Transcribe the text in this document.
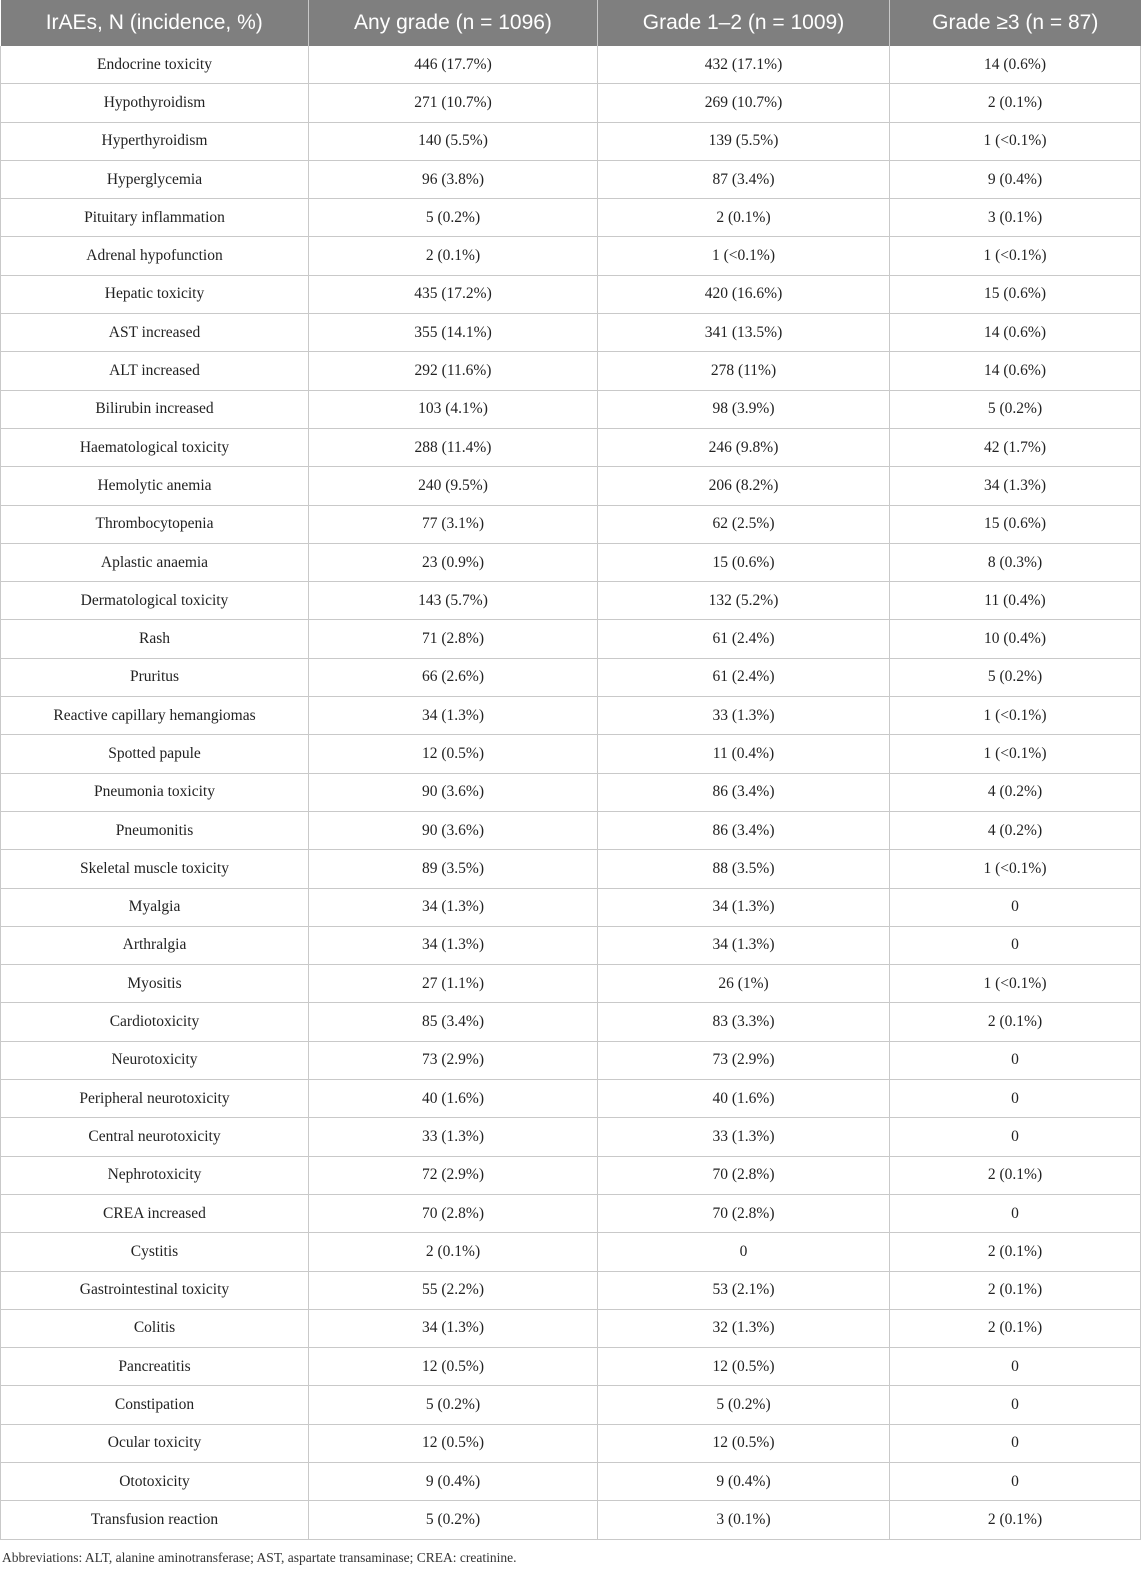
IrAEs, N (incidence, %)	Any grade (n = 1096)	Grade 1–2 (n = 1009)	Grade ≥3 (n = 87)
Endocrine toxicity	446 (17.7%)	432 (17.1%)	14 (0.6%)
Hypothyroidism	271 (10.7%)	269 (10.7%)	2 (0.1%)
Hyperthyroidism	140 (5.5%)	139 (5.5%)	1 (<0.1%)
Hyperglycemia	96 (3.8%)	87 (3.4%)	9 (0.4%)
Pituitary inflammation	5 (0.2%)	2 (0.1%)	3 (0.1%)
Adrenal hypofunction	2 (0.1%)	1 (<0.1%)	1 (<0.1%)
Hepatic toxicity	435 (17.2%)	420 (16.6%)	15 (0.6%)
AST increased	355 (14.1%)	341 (13.5%)	14 (0.6%)
ALT increased	292 (11.6%)	278 (11%)	14 (0.6%)
Bilirubin increased	103 (4.1%)	98 (3.9%)	5 (0.2%)
Haematological toxicity	288 (11.4%)	246 (9.8%)	42 (1.7%)
Hemolytic anemia	240 (9.5%)	206 (8.2%)	34 (1.3%)
Thrombocytopenia	77 (3.1%)	62 (2.5%)	15 (0.6%)
Aplastic anaemia	23 (0.9%)	15 (0.6%)	8 (0.3%)
Dermatological toxicity	143 (5.7%)	132 (5.2%)	11 (0.4%)
Rash	71 (2.8%)	61 (2.4%)	10 (0.4%)
Pruritus	66 (2.6%)	61 (2.4%)	5 (0.2%)
Reactive capillary hemangiomas	34 (1.3%)	33 (1.3%)	1 (<0.1%)
Spotted papule	12 (0.5%)	11 (0.4%)	1 (<0.1%)
Pneumonia toxicity	90 (3.6%)	86 (3.4%)	4 (0.2%)
Pneumonitis	90 (3.6%)	86 (3.4%)	4 (0.2%)
Skeletal muscle toxicity	89 (3.5%)	88 (3.5%)	1 (<0.1%)
Myalgia	34 (1.3%)	34 (1.3%)	0
Arthralgia	34 (1.3%)	34 (1.3%)	0
Myositis	27 (1.1%)	26 (1%)	1 (<0.1%)
Cardiotoxicity	85 (3.4%)	83 (3.3%)	2 (0.1%)
Neurotoxicity	73 (2.9%)	73 (2.9%)	0
Peripheral neurotoxicity	40 (1.6%)	40 (1.6%)	0
Central neurotoxicity	33 (1.3%)	33 (1.3%)	0
Nephrotoxicity	72 (2.9%)	70 (2.8%)	2 (0.1%)
CREA increased	70 (2.8%)	70 (2.8%)	0
Cystitis	2 (0.1%)	0	2 (0.1%)
Gastrointestinal toxicity	55 (2.2%)	53 (2.1%)	2 (0.1%)
Colitis	34 (1.3%)	32 (1.3%)	2 (0.1%)
Pancreatitis	12 (0.5%)	12 (0.5%)	0
Constipation	5 (0.2%)	5 (0.2%)	0
Ocular toxicity	12 (0.5%)	12 (0.5%)	0
Ototoxicity	9 (0.4%)	9 (0.4%)	0
Transfusion reaction	5 (0.2%)	3 (0.1%)	2 (0.1%)
Abbreviations: ALT, alanine aminotransferase; AST, aspartate transaminase; CREA: creatinine.
